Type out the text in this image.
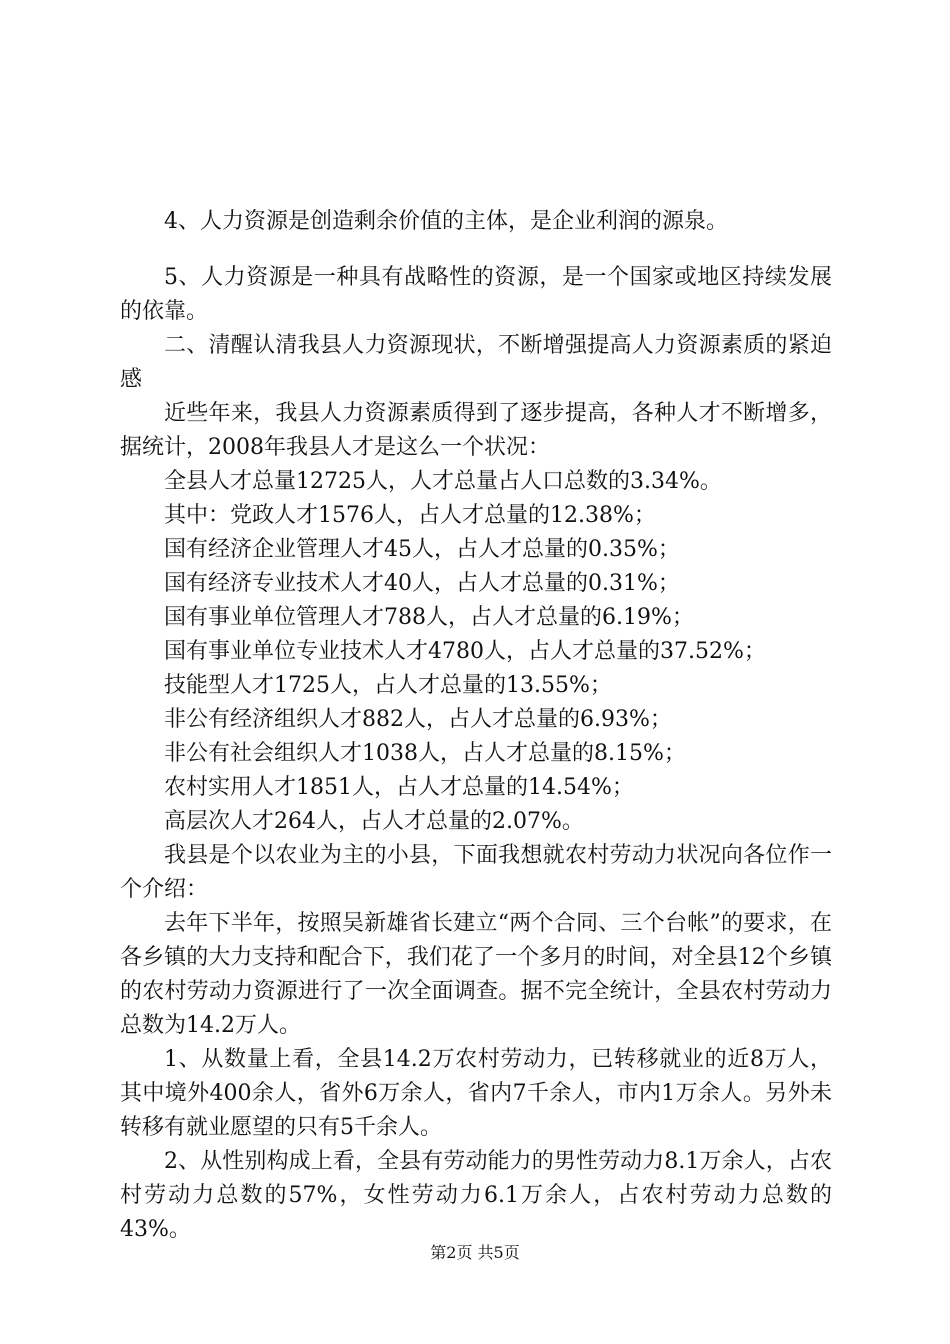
4、人力资源是创造剩余价值的主体，是企业利润的源泉。

5、人力资源是一种具有战略性的资源，是一个国家或地区持续发展的依靠。

二、清醒认清我县人力资源现状，不断增强提高人力资源素质的紧迫感

近些年来，我县人力资源素质得到了逐步提高，各种人才不断增多，据统计，2008年我县人才是这么一个状况：

全县人才总量12725人，人才总量占人口总数的3.34%。

其中：党政人才1576人，占人才总量的12.38%；

国有经济企业管理人才45人，占人才总量的0.35%；

国有经济专业技术人才40人，占人才总量的0.31%；

国有事业单位管理人才788人，占人才总量的6.19%；

国有事业单位专业技术人才4780人，占人才总量的37.52%；

技能型人才1725人，占人才总量的13.55%；

非公有经济组织人才882人，占人才总量的6.93%；

非公有社会组织人才1038人，占人才总量的8.15%；

农村实用人才1851人，占人才总量的14.54%；

高层次人才264人，占人才总量的2.07%。

我县是个以农业为主的小县，下面我想就农村劳动力状况向各位作一个介绍：

去年下半年，按照吴新雄省长建立“两个合同、三个台帐”的要求，在各乡镇的大力支持和配合下，我们花了一个多月的时间，对全县12个乡镇的农村劳动力资源进行了一次全面调查。据不完全统计，全县农村劳动力总数为14.2万人。

1、从数量上看，全县14.2万农村劳动力，已转移就业的近8万人，其中境外400余人，省外6万余人，省内7千余人，市内1万余人。另外未转移有就业愿望的只有5千余人。

2、从性别构成上看，全县有劳动能力的男性劳动力8.1万余人，占农村劳动力总数的57%，女性劳动力6.1万余人，占农村劳动力总数的43%。

第2页 共5页
